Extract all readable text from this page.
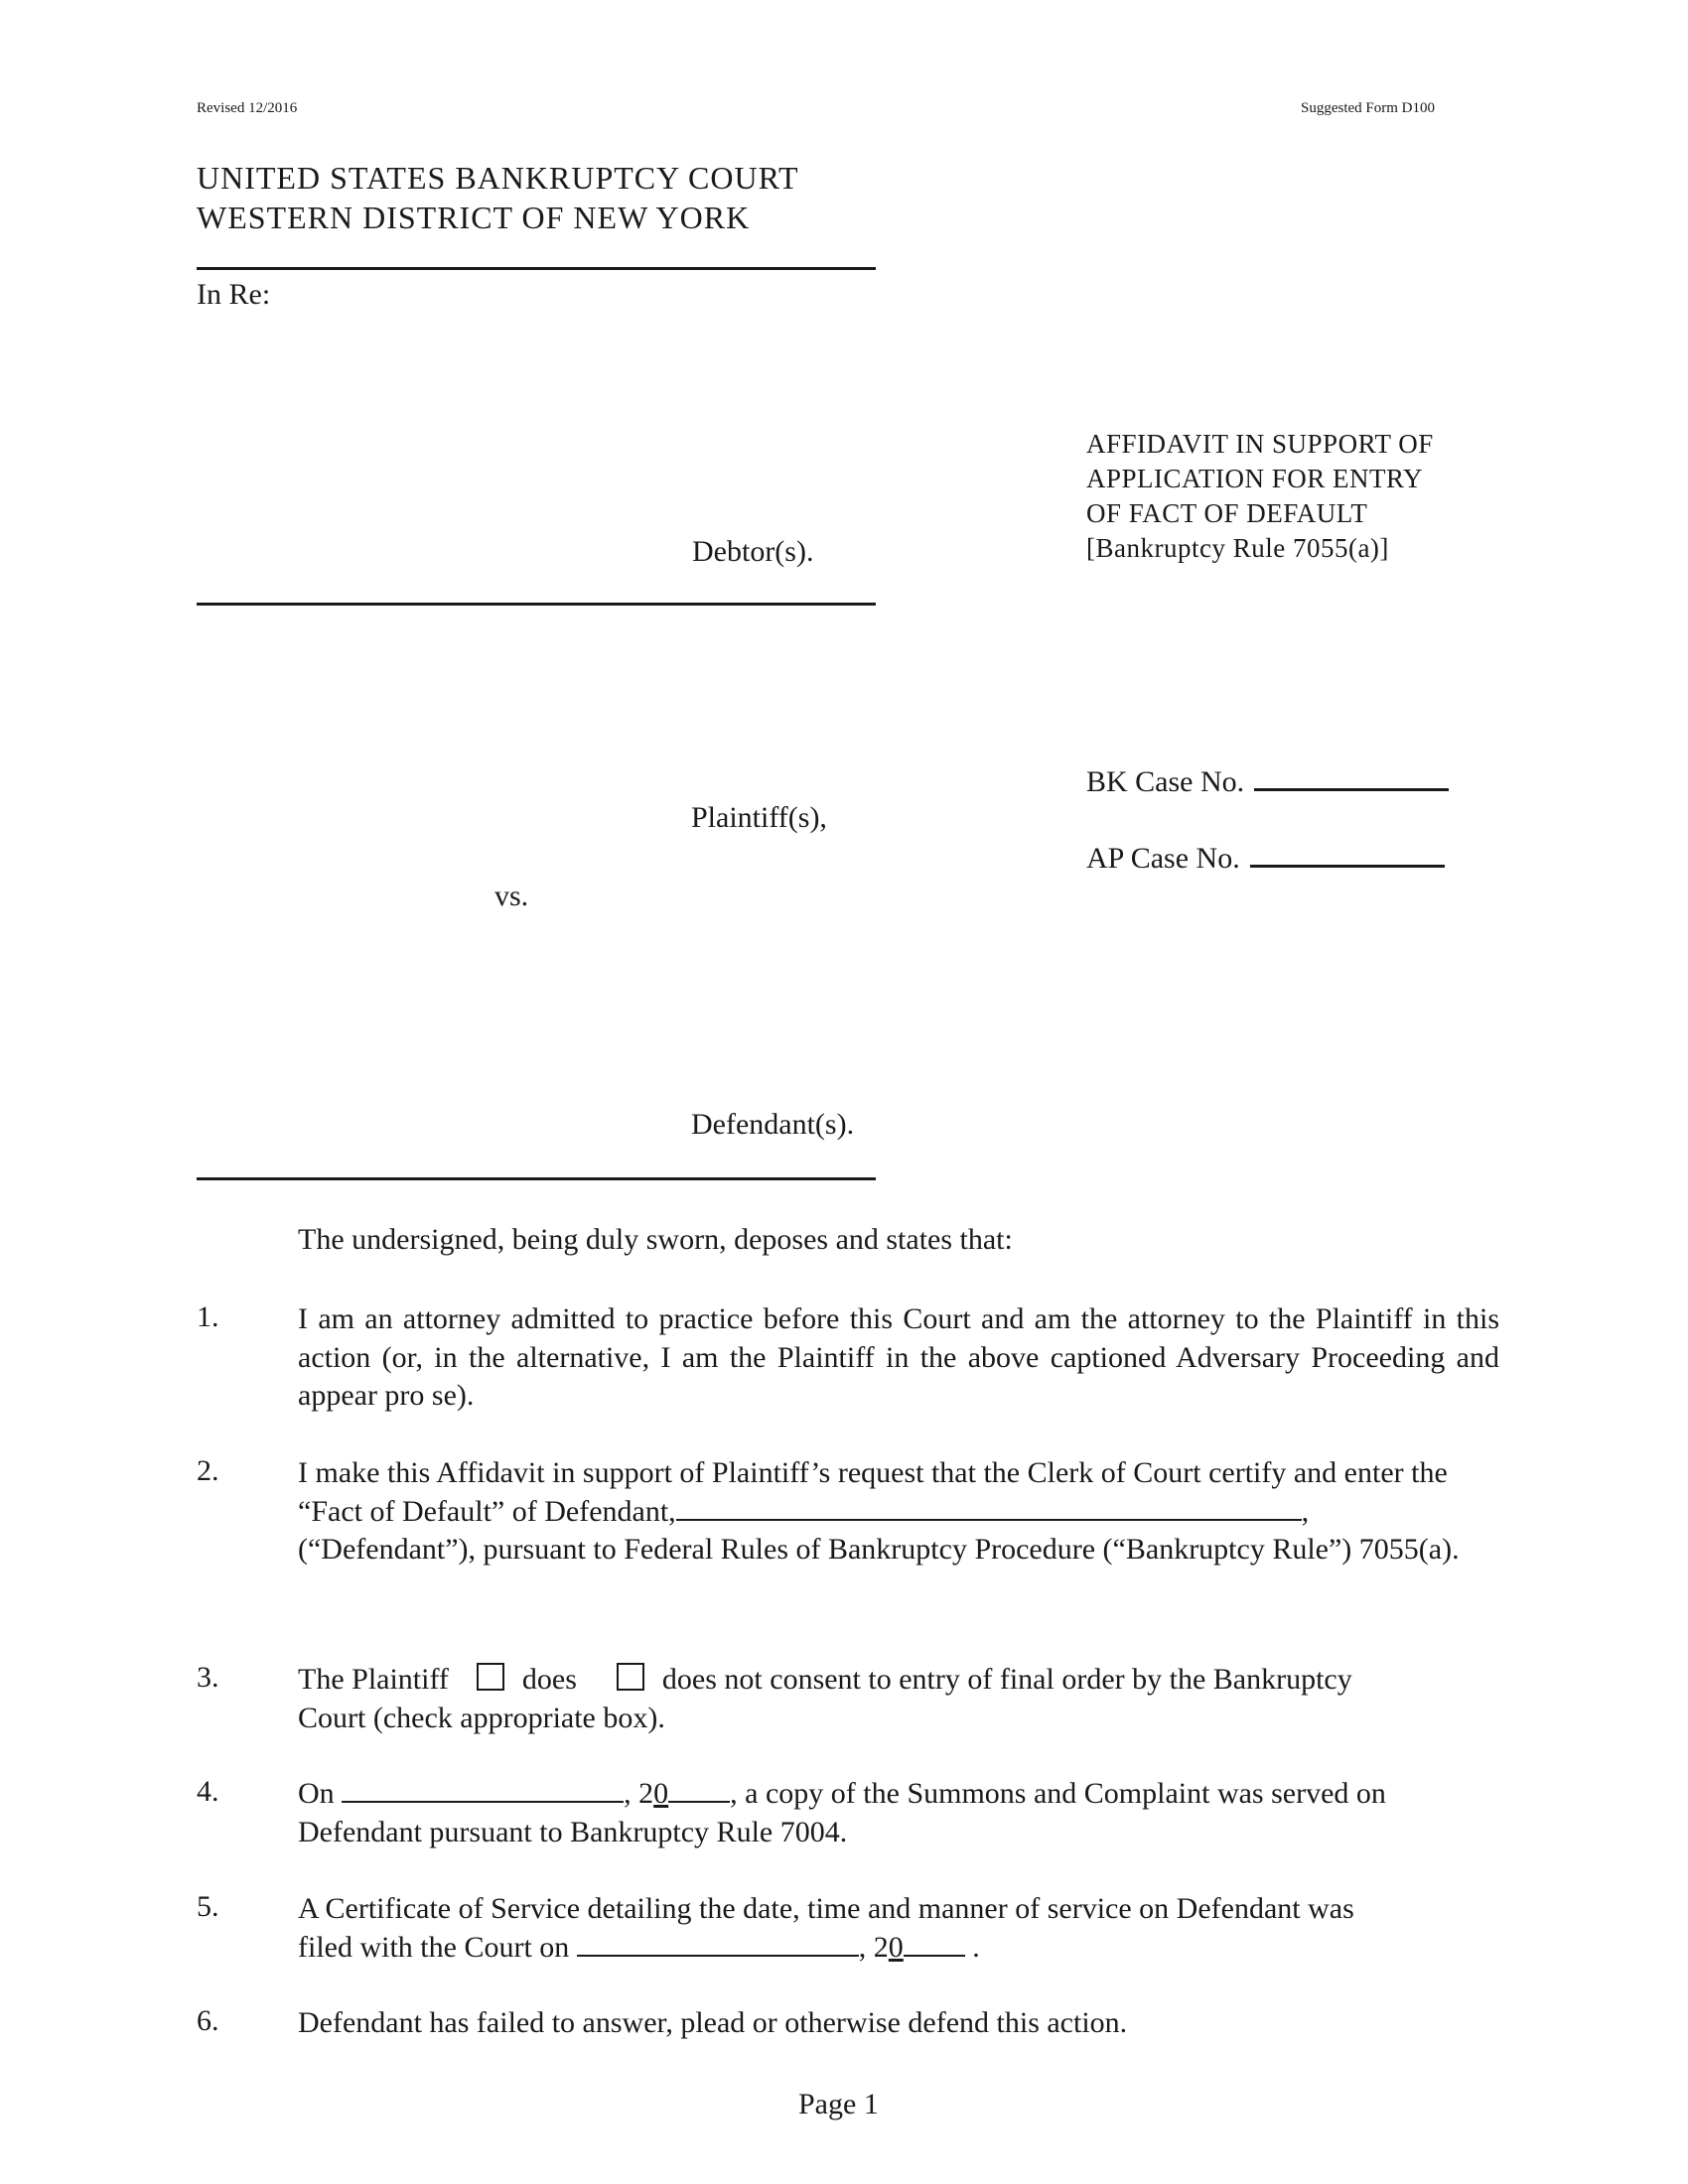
Revised 12/2016	Suggested Form D100
UNITED STATES BANKRUPTCY COURT
WESTERN DISTRICT OF NEW YORK
In Re:
AFFIDAVIT IN SUPPORT OF
APPLICATION FOR ENTRY
OF FACT OF DEFAULT
[Bankruptcy Rule 7055(a)]
Debtor(s).
BK Case No.
AP Case No.
Plaintiff(s),
vs.
Defendant(s).
The undersigned, being duly sworn, deposes and states that:
1.	I am an attorney admitted to practice before this Court and am the attorney to the Plaintiff in this action (or, in the alternative, I am the Plaintiff in the above captioned Adversary Proceeding and appear pro se).
2.	I make this Affidavit in support of Plaintiff’s request that the Clerk of Court certify and enter the “Fact of Default” of Defendant,	,
(“Defendant”), pursuant to Federal Rules of Bankruptcy Procedure (“Bankruptcy Rule”) 7055(a).
3.	The Plaintiff does	does not consent to entry of final order by the Bankruptcy
Court (check appropriate box).
4.	On	, 20 , a copy of the Summons and Complaint was served on
Defendant pursuant to Bankruptcy Rule 7004.
5.	A Certificate of Service detailing the date, time and manner of service on Defendant was
filed with the Court on	, 20 .
6.	Defendant has failed to answer, plead or otherwise defend this action.
Page 1
